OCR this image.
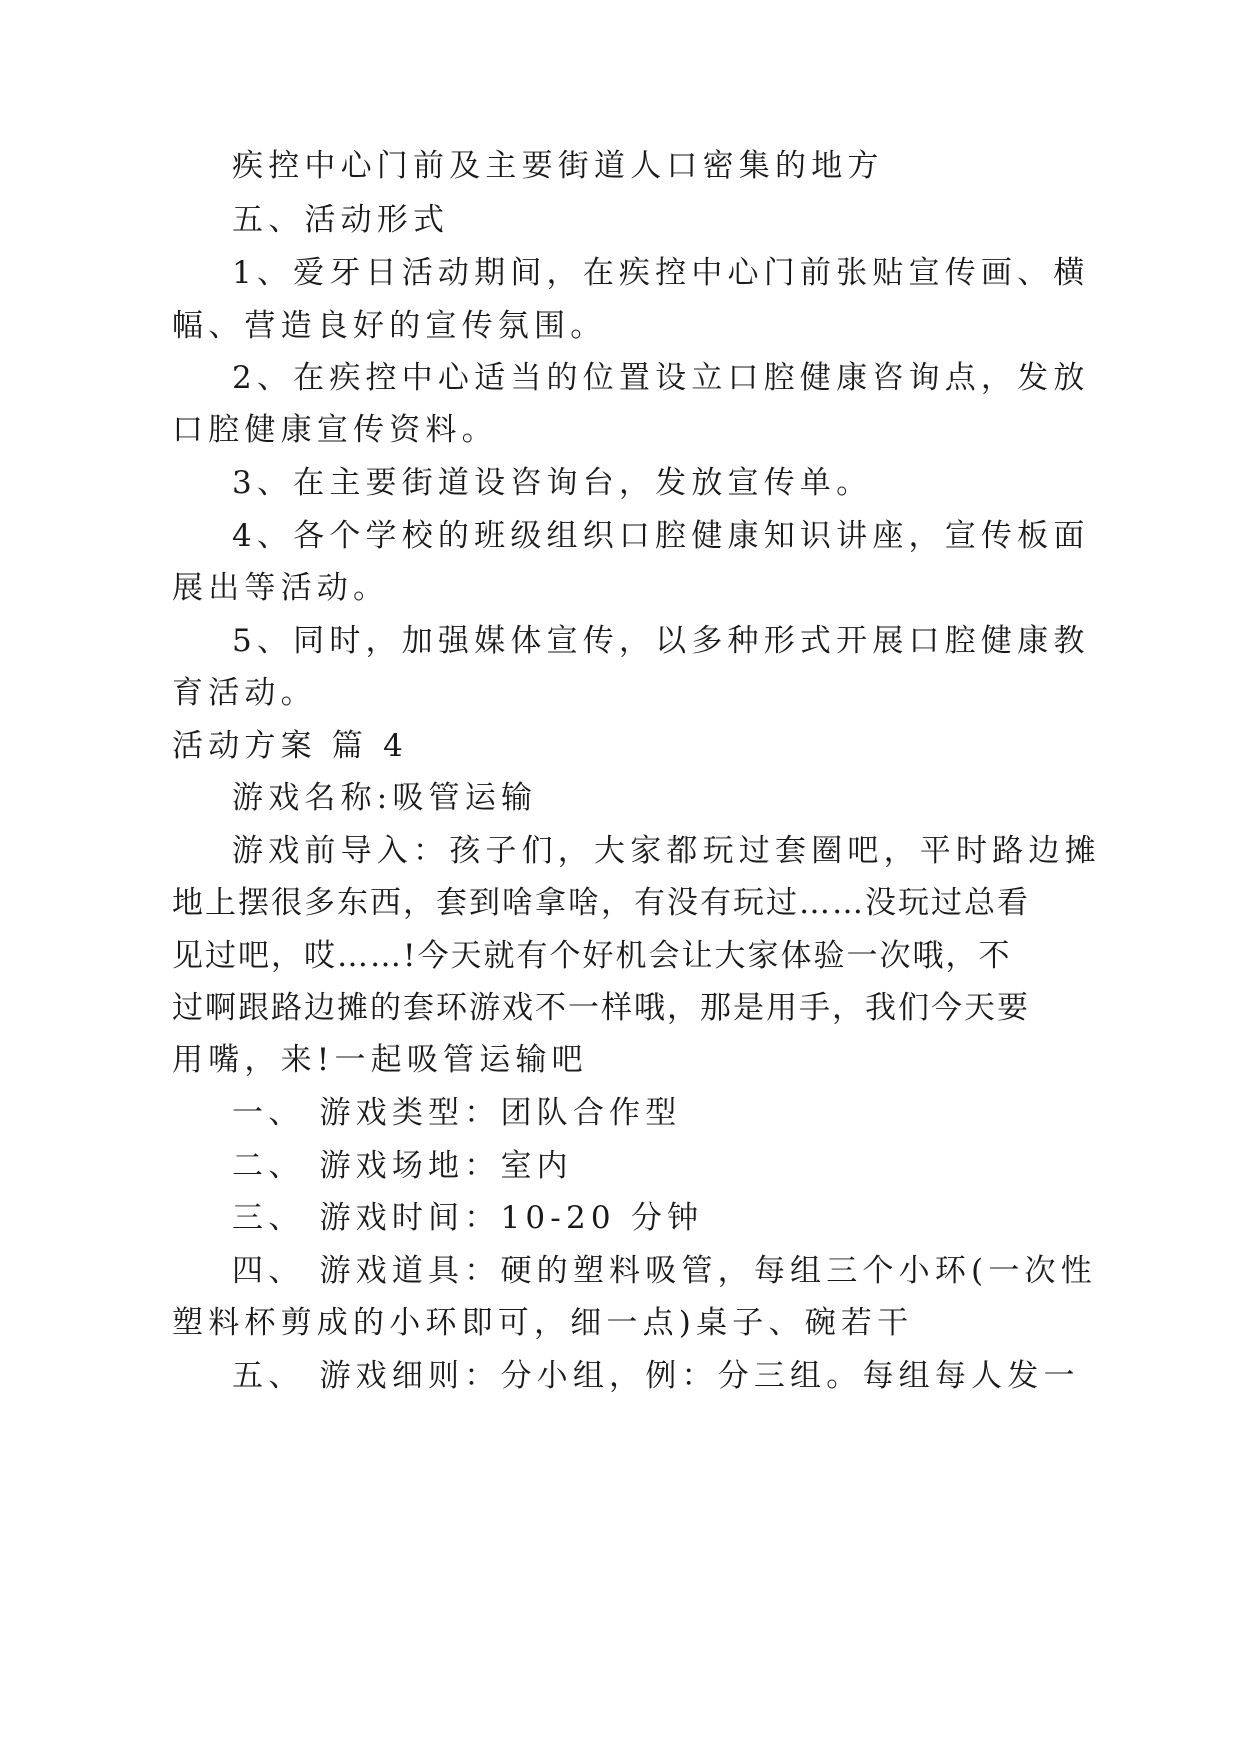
疾控中心门前及主要街道人口密集的地方
五、活动形式
1、爱牙日活动期间，在疾控中心门前张贴宣传画、横
幅、营造良好的宣传氛围。
2、在疾控中心适当的位置设立口腔健康咨询点，发放
口腔健康宣传资料。
3、在主要街道设咨询台，发放宣传单。
4、各个学校的班级组织口腔健康知识讲座，宣传板面
展出等活动。
5、同时，加强媒体宣传，以多种形式开展口腔健康教
育活动。
活动方案 篇 4
游戏名称:吸管运输
游戏前导入：孩子们，大家都玩过套圈吧，平时路边摊
地上摆很多东西，套到啥拿啥，有没有玩过……没玩过总看
见过吧，哎……!今天就有个好机会让大家体验一次哦，不
过啊跟路边摊的套环游戏不一样哦，那是用手，我们今天要
用嘴，来!一起吸管运输吧
一、 游戏类型：团队合作型
二、 游戏场地：室内
三、 游戏时间：10-20 分钟
四、 游戏道具：硬的塑料吸管，每组三个小环(一次性
塑料杯剪成的小环即可，细一点)桌子、碗若干
五、 游戏细则：分小组，例：分三组。每组每人发一
